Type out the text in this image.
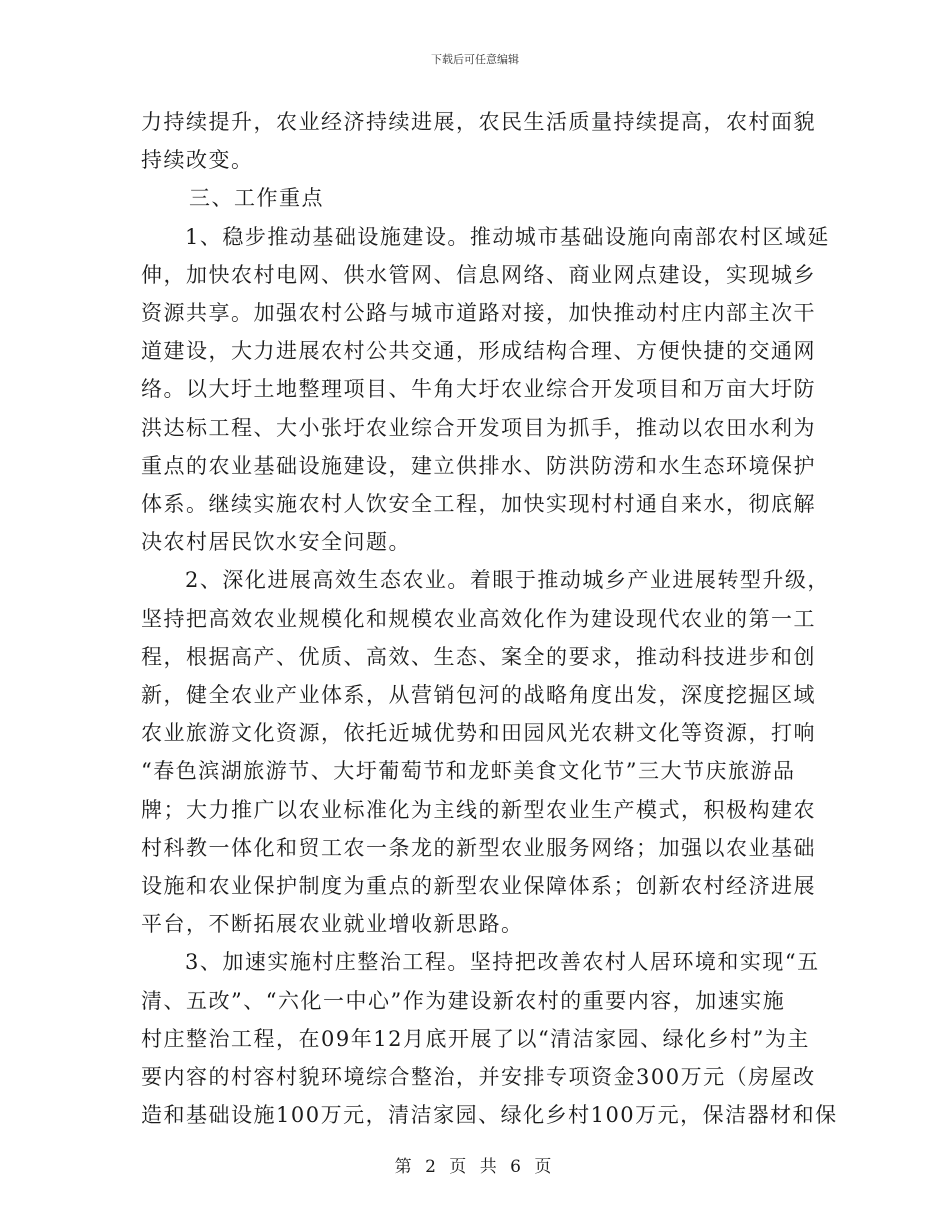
下载后可任意编辑

力持续提升，农业经济持续进展，农民生活质量持续提高，农村面貌
持续改变。

三、工作重点

1、稳步推动基础设施建设。推动城市基础设施向南部农村区域延
伸，加快农村电网、供水管网、信息网络、商业网点建设，实现城乡
资源共享。加强农村公路与城市道路对接，加快推动村庄内部主次干
道建设，大力进展农村公共交通，形成结构合理、方便快捷的交通网
络。以大圩土地整理项目、牛角大圩农业综合开发项目和万亩大圩防
洪达标工程、大小张圩农业综合开发项目为抓手，推动以农田水利为
重点的农业基础设施建设，建立供排水、防洪防涝和水生态环境保护
体系。继续实施农村人饮安全工程，加快实现村村通自来水，彻底解
决农村居民饮水安全问题。

2、深化进展高效生态农业。着眼于推动城乡产业进展转型升级，
坚持把高效农业规模化和规模农业高效化作为建设现代农业的第一工
程，根据高产、优质、高效、生态、案全的要求，推动科技进步和创
新，健全农业产业体系，从营销包河的战略角度出发，深度挖掘区域
农业旅游文化资源，依托近城优势和田园风光农耕文化等资源，打响
“春色滨湖旅游节、大圩葡萄节和龙虾美食文化节”三大节庆旅游品
牌；大力推广以农业标准化为主线的新型农业生产模式，积极构建农
村科教一体化和贸工农一条龙的新型农业服务网络；加强以农业基础
设施和农业保护制度为重点的新型农业保障体系；创新农村经济进展
平台，不断拓展农业就业增收新思路。

3、加速实施村庄整治工程。坚持把改善农村人居环境和实现“五
清、五改”、“六化一中心”作为建设新农村的重要内容，加速实施
村庄整治工程，在09年12月底开展了以“清洁家园、绿化乡村”为主
要内容的村容村貌环境综合整治，并安排专项资金300万元（房屋改
造和基础设施100万元，清洁家园、绿化乡村100万元，保洁器材和保

第 2 页 共 6 页
